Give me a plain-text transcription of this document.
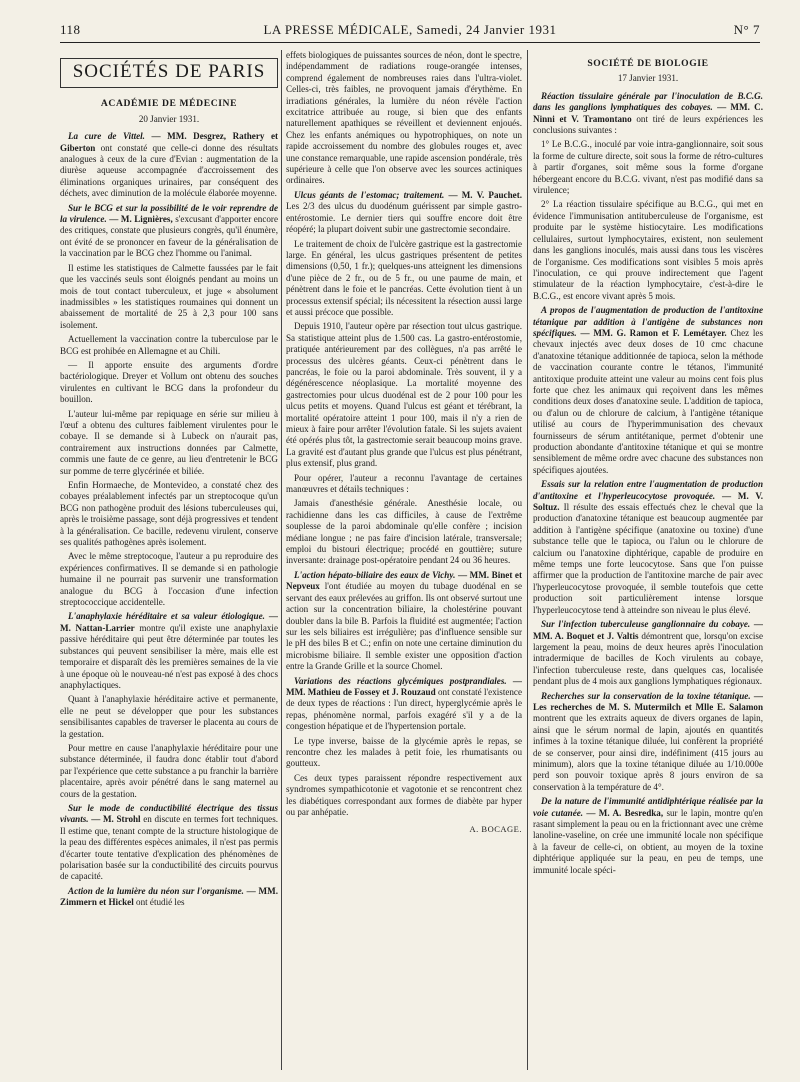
118	LA PRESSE MÉDICALE, Samedi, 24 Janvier 1931	N° 7
SOCIÉTÉS DE PARIS
ACADÉMIE DE MÉDECINE
20 Janvier 1931.

La cure de Vittel. — MM. Desgrez, Rathery et Giberton ont constaté que celle-ci donne des résultats analogues à ceux de la cure d'Evian : augmentation de la diurèse aqueuse accompagnée d'accroissement des éliminations organiques urinaires, par conséquent des déchets, avec diminution de la molécule élaborée moyenne.

Sur le BCG et sur la possibilité de le voir reprendre de la virulence. — M. Lignières, s'excusant d'apporter encore des critiques, constate que plusieurs congrès, qu'il énumère, ont évité de se prononcer en faveur de la généralisation de la vaccination par le BCG chez l'homme ou l'animal.

Il estime les statistiques de Calmette faussées par le fait que les vaccinés seuls sont éloignés pendant au moins un mois de tout contact tuberculeux, et juge « absolument inadmissibles » les statistiques roumaines qui donnent un abaissement de mortalité de 25 à 2,3 pour 100 sans isolement.

Actuellement la vaccination contre la tuberculose par le BCG est prohibée en Allemagne et au Chili.

— Il apporte ensuite des arguments d'ordre bactériologique. Dreyer et Vollum ont obtenu des souches virulentes en cultivant le BCG dans la profondeur du bouillon.

L'auteur lui-même par repiquage en série sur milieu à l'œuf a obtenu des cultures faiblement virulentes pour le cobaye. Il se demande si à Lubeck on n'aurait pas, contrairement aux instructions données par Calmette, commis une faute de ce genre, au lieu d'entretenir le BCG sur pomme de terre glycérinée et biliée.

Enfin Hormaeche, de Montevideo, a constaté chez des cobayes préalablement infectés par un streptocoque qu'un BCG non pathogène produit des lésions tuberculeuses qui, après le troisième passage, sont déjà progressives et tendent à la généralisation. Ce bacille, redevenu virulent, conserve ses qualités pathogènes après isolement.

Avec le même streptocoque, l'auteur a pu reproduire des expériences confirmatives. Il se demande si en pathologie humaine il ne pourrait pas survenir une transformation analogue du BCG à l'occasion d'une infection streptococcique accidentelle.

L'anaphylaxie héréditaire et sa valeur étiologique. — M. Nattan-Larrier montre qu'il existe une anaphylaxie passive héréditaire qui peut être déterminée par toutes les substances qui peuvent sensibiliser la mère, mais elle est temporaire et disparaît dès les premières semaines de la vie à une époque où le nouveau-né n'est pas exposé à des chocs anaphylactiques.

Quant à l'anaphylaxie héréditaire active et permanente, elle ne peut se développer que pour les substances sensibilisantes capables de traverser le placenta au cours de la gestation.

Pour mettre en cause l'anaphylaxie héréditaire pour une substance déterminée, il faudra donc établir tout d'abord par l'expérience que cette substance a pu franchir la barrière placentaire, après avoir pénétré dans le sang maternel au cours de la gestation.

Sur le mode de conductibilité électrique des tissus vivants. — M. Strohl en discute en termes fort techniques. Il estime que, tenant compte de la structure histologique de la peau des différentes espèces animales, il n'est pas permis d'écarter toute tentative d'explication des phénomènes de polarisation basée sur la conductibilité des circuits pourvus de capacité.

Action de la lumière du néon sur l'organisme. — MM. Zimmern et Hickel ont étudié les

effets biologiques de puissantes sources de néon, dont le spectre, indépendamment de radiations rouge-orangée intenses, comprend également de nombreuses raies dans l'ultra-violet. Celles-ci, très faibles, ne provoquent jamais d'érythème. En irradiations générales, la lumière du néon révèle l'action excitatrice attribuée au rouge, si bien que des enfants naturellement apathiques se réveillent et deviennent enjoués. Chez les enfants anémiques ou hypotrophiques, on note un rapide accroissement du nombre des globules rouges et, avec une constance remarquable, une rapide ascension pondérale, très supérieure à celle que l'on observe avec les sources actiniques ordinaires.

Ulcus géants de l'estomac; traitement. — M. V. Pauchet. Les 2/3 des ulcus du duodénum guérissent par simple gastro-entérostomie. Le dernier tiers qui souffre encore doit être réopéré; la plupart doivent subir une gastrectomie secondaire.

Le traitement de choix de l'ulcère gastrique est la gastrectomie large. En général, les ulcus gastriques présentent de petites dimensions (0,50, 1 fr.); quelques-uns atteignent les dimensions d'une pièce de 2 fr., ou de 5 fr., ou une paume de main, et pénètrent dans le foie et le pancréas. Cette évolution tient à un processus extensif spécial; ils nécessitent la résection aussi large et aussi précoce que possible.

Depuis 1910, l'auteur opère par résection tout ulcus gastrique. Sa statistique atteint plus de 1.500 cas. La gastro-entérostomie, pratiquée antérieurement par des collègues, n'a pas arrêté le processus des ulcères géants. Ceux-ci pénètrent dans le pancréas, le foie ou la paroi abdominale. Très souvent, il y a dégénérescence néoplasique. La mortalité moyenne des gastrectomies pour ulcus duodénal est de 2 pour 100 pour les ulcus petits et moyens. Quand l'ulcus est géant et térébrant, la mortalité opératoire atteint 1 pour 100, mais il n'y a rien de mieux à faire pour arrêter l'évolution fatale. Si les sujets avaient été opérés plus tôt, la gastrectomie serait beaucoup moins grave. La gravité est d'autant plus grande que l'ulcus est plus pénétrant, plus extensif, plus grand.

Pour opérer, l'auteur a reconnu l'avantage de certaines manœuvres et détails techniques :

Jamais d'anesthésie générale. Anesthésie locale, ou rachidienne dans les cas difficiles, à cause de l'extrême souplesse de la paroi abdominale qu'elle confère ; incision médiane longue ; ne pas faire d'incision latérale, transversale; emploi du bistouri électrique; procédé en gouttière; suture inversante: drainage post-opératoire pendant 24 ou 36 heures.

L'action hépato-biliaire des eaux de Vichy. — MM. Binet et Nepveux l'ont étudiée au moyen du tubage duodénal en se servant des eaux prélevées au griffon. Ils ont observé surtout une action sur la concentration biliaire, la cholestérine pouvant doubler dans la bile B. Parfois la fluidité est augmentée; l'action sur les sels biliaires est irrégulière; pas d'influence sensible sur le pH des biles B et C.; enfin on note une certaine diminution du microbisme biliaire. Il semble exister une opposition d'action entre la Grande Grille et la source Chomel.

Variations des réactions glycémiques postprandiales. — MM. Mathieu de Fossey et J. Rouzaud ont constaté l'existence de deux types de réactions : l'un direct, hyperglycémie après le repas, phénomène normal, parfois exagéré s'il y a de la congestion hépatique et de l'hypertension portale.

Le type inverse, baisse de la glycémie après le repas, se rencontre chez les malades à petit foie, les rhumatisants ou goutteux.

Ces deux types paraissent répondre respectivement aux syndromes sympathicotonie et vagotonie et se rencontrent chez les diabétiques correspondant aux formes de diabète par hyper ou par anhépatie.

A. BOCAGE.
SOCIÉTÉ DE BIOLOGIE
17 Janvier 1931.

Réaction tissulaire générale par l'inoculation de B.C.G. dans les ganglions lymphatiques des cobayes. — MM. C. Ninni et V. Tramontano ont tiré de leurs expériences les conclusions suivantes :

1° Le B.C.G., inoculé par voie intra-ganglionnaire, soit sous la forme de culture directe, soit sous la forme de rétro-cultures à partir d'organes, soit même sous la forme d'organe hébergeant encore du B.C.G. vivant, n'est pas modifié dans sa virulence;

2° La réaction tissulaire spécifique au B.C.G., qui met en évidence l'immunisation antituberculeuse de l'organisme, est produite par le système histiocytaire. Les modifications cellulaires, surtout lymphocytaires, existent, non seulement dans les ganglions inoculés, mais aussi dans tous les viscères de l'organisme. Ces modifications sont visibles 5 mois après l'inoculation, ce qui prouve indirectement que l'agent stimulateur de la réaction lymphocytaire, c'est-à-dire le B.C.G., est encore vivant après 5 mois.

A propos de l'augmentation de production de l'antitoxine tétanique par addition à l'antigène de substances non spécifiques. — MM. G. Ramon et F. Lemétayer. Chez les chevaux injectés avec deux doses de 10 cmc chacune d'anatoxine tétanique additionnée de tapioca, selon la méthode de vaccination courante contre le tétanos, l'immunité antitoxique produite atteint une valeur au moins cent fois plus forte que chez les animaux qui reçoivent dans les mêmes conditions deux doses d'anatoxine seule. L'addition de tapioca, ou d'alun ou de chlorure de calcium, à l'antigène tétanique utilisé au cours de l'hyperimmunisation des chevaux fournisseurs de sérum antitétanique, permet d'obtenir une production abondante d'antitoxine tétanique et qui se montre sensiblement de même ordre avec chacune des substances non spécifiques ajoutées.

Essais sur la relation entre l'augmentation de production d'antitoxine et l'hyperleucocytose provoquée. — M. V. Soltuz. Il résulte des essais effectués chez le cheval que la production d'anatoxine tétanique est beaucoup augmentée par addition à l'antigène spécifique (anatoxine ou toxine) d'une substance telle que le tapioca, ou l'alun ou le chlorure de calcium ou l'anatoxine diphtérique, capable de produire en même temps une forte leucocytose. Sans que l'on puisse affirmer que la production de l'antitoxine marche de pair avec l'hyperleucocytose provoquée, il semble toutefois que cette production soit particulièrement intense lorsque l'hyperleucocytose tend à atteindre son niveau le plus élevé.

Sur l'infection tuberculeuse ganglionnaire du cobaye. — MM. A. Boquet et J. Valtis démontrent que, lorsqu'on excise largement la peau, moins de deux heures après l'inoculation intradermique de bacilles de Koch virulents au cobaye, l'infection tuberculeuse reste, dans quelques cas, localisée pendant plus de 4 mois aux ganglions lymphatiques régionaux.

Recherches sur la conservation de la toxine tétanique. — Les recherches de M. S. Mutermilch et Mlle E. Salamon montrent que les extraits aqueux de divers organes de lapin, ainsi que le sérum normal de lapin, ajoutés en quantités infimes à la toxine tétanique diluée, lui confèrent la propriété de se conserver, pour ainsi dire, indéfiniment (415 jours au minimum), alors que la toxine tétanique diluée au 1/10.000e perd son pouvoir toxique après 8 jours environ de sa conservation à la température de 4°.

De la nature de l'immunité antidiphtérique réalisée par la voie cutanée. — M. A. Besredka, sur le lapin, montre qu'en rasant simplement la peau ou en la frictionnant avec une crème lanoline-vaseline, on crée une immunité locale non spécifique à la faveur de celle-ci, on obtient, au moyen de la toxine diphtérique appliquée sur la peau, en peu de temps, une immunité locale spéci-
